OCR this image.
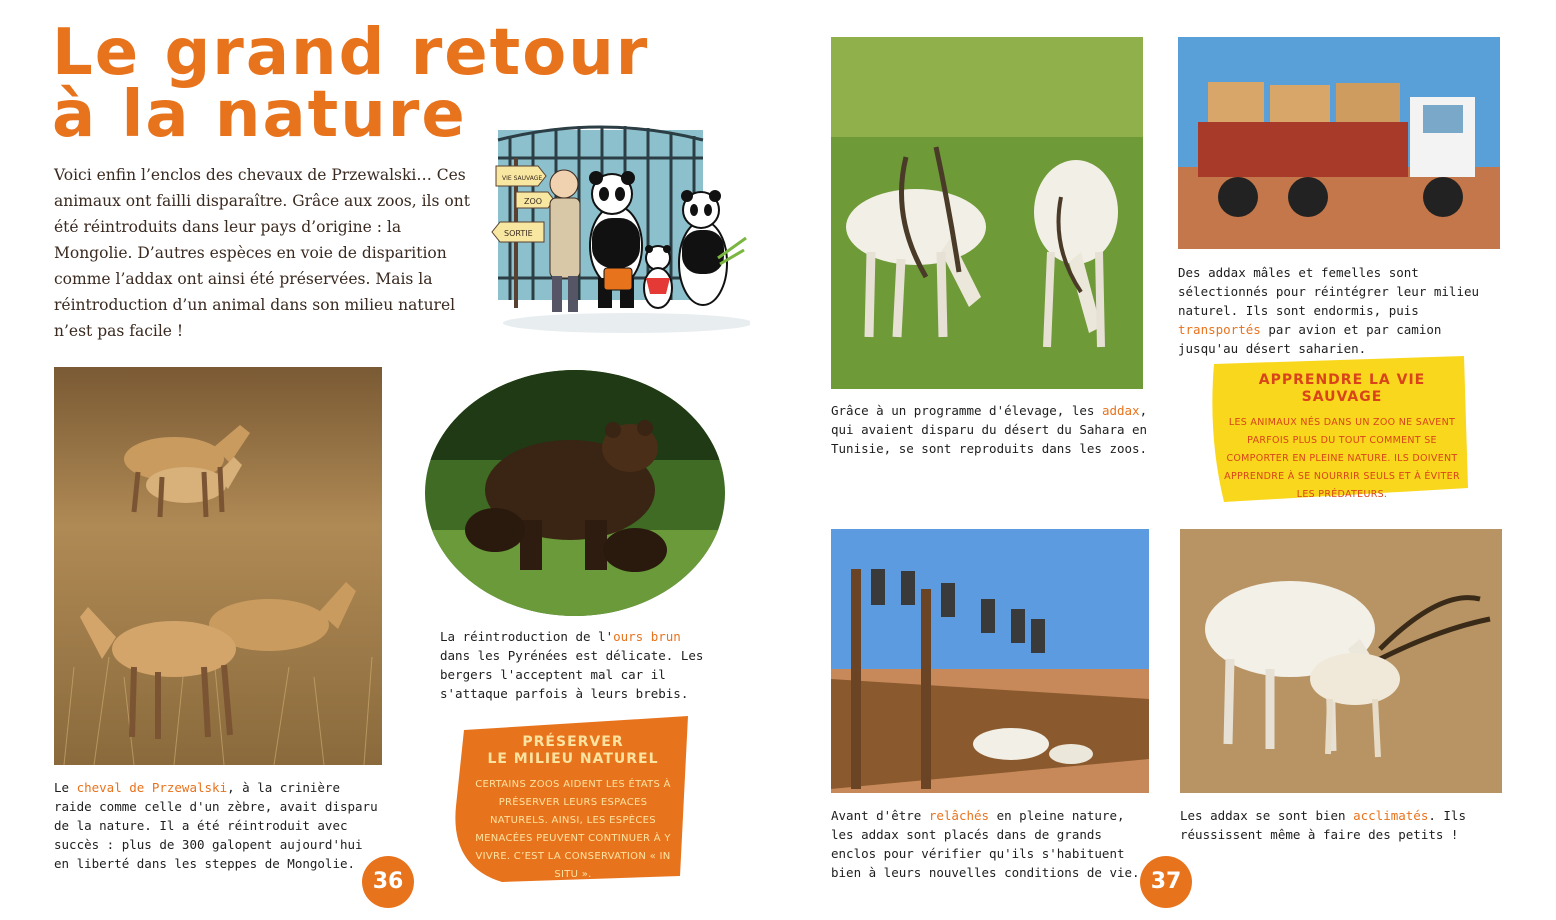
Le grand retour
à la nature
Voici enfin l’enclos des chevaux de Przewalski… Ces animaux ont failli disparaître. Grâce aux zoos, ils ont été réintroduits dans leur pays d’origine : la Mongolie. D’autres espèces en voie de disparition comme l’addax ont ainsi été préservées. Mais la réintroduction d’un animal dans son milieu naturel n’est pas facile !
VIE SAUVAGE
ZOO
SORTIE
Le cheval de Przewalski, à la crinière raide comme celle d'un zèbre, avait disparu de la nature. Il a été réintroduit avec succès : plus de 300 galopent aujourd'hui en liberté dans les steppes de Mongolie.
La réintroduction de l'ours brun dans les Pyrénées est délicate. Les bergers l'acceptent mal car il s'attaque parfois à leurs brebis.
PRÉSERVER
LE MILIEU NATUREL
CERTAINS ZOOS AIDENT LES ÉTATS À PRÉSERVER LEURS ESPACES NATURELS. AINSI, LES ESPÈCES MENACÉES PEUVENT CONTINUER À Y VIVRE. C’EST LA CONSERVATION « IN SITU ».
36
Grâce à un programme d'élevage, les addax, qui avaient disparu du désert du Sahara en Tunisie, se sont reproduits dans les zoos.
Des addax mâles et femelles sont sélectionnés pour réintégrer leur milieu naturel. Ils sont endormis, puis transportés par avion et par camion jusqu'au désert saharien.
APPRENDRE LA VIE SAUVAGE
LES ANIMAUX NÉS DANS UN ZOO NE SAVENT PARFOIS PLUS DU TOUT COMMENT SE COMPORTER EN PLEINE NATURE. ILS DOIVENT APPRENDRE À SE NOURRIR SEULS ET À ÉVITER LES PRÉDATEURS.
Avant d'être relâchés en pleine nature, les addax sont placés dans de grands enclos pour vérifier qu'ils s'habituent bien à leurs nouvelles conditions de vie.
Les addax se sont bien acclimatés. Ils réussissent même à faire des petits !
37
